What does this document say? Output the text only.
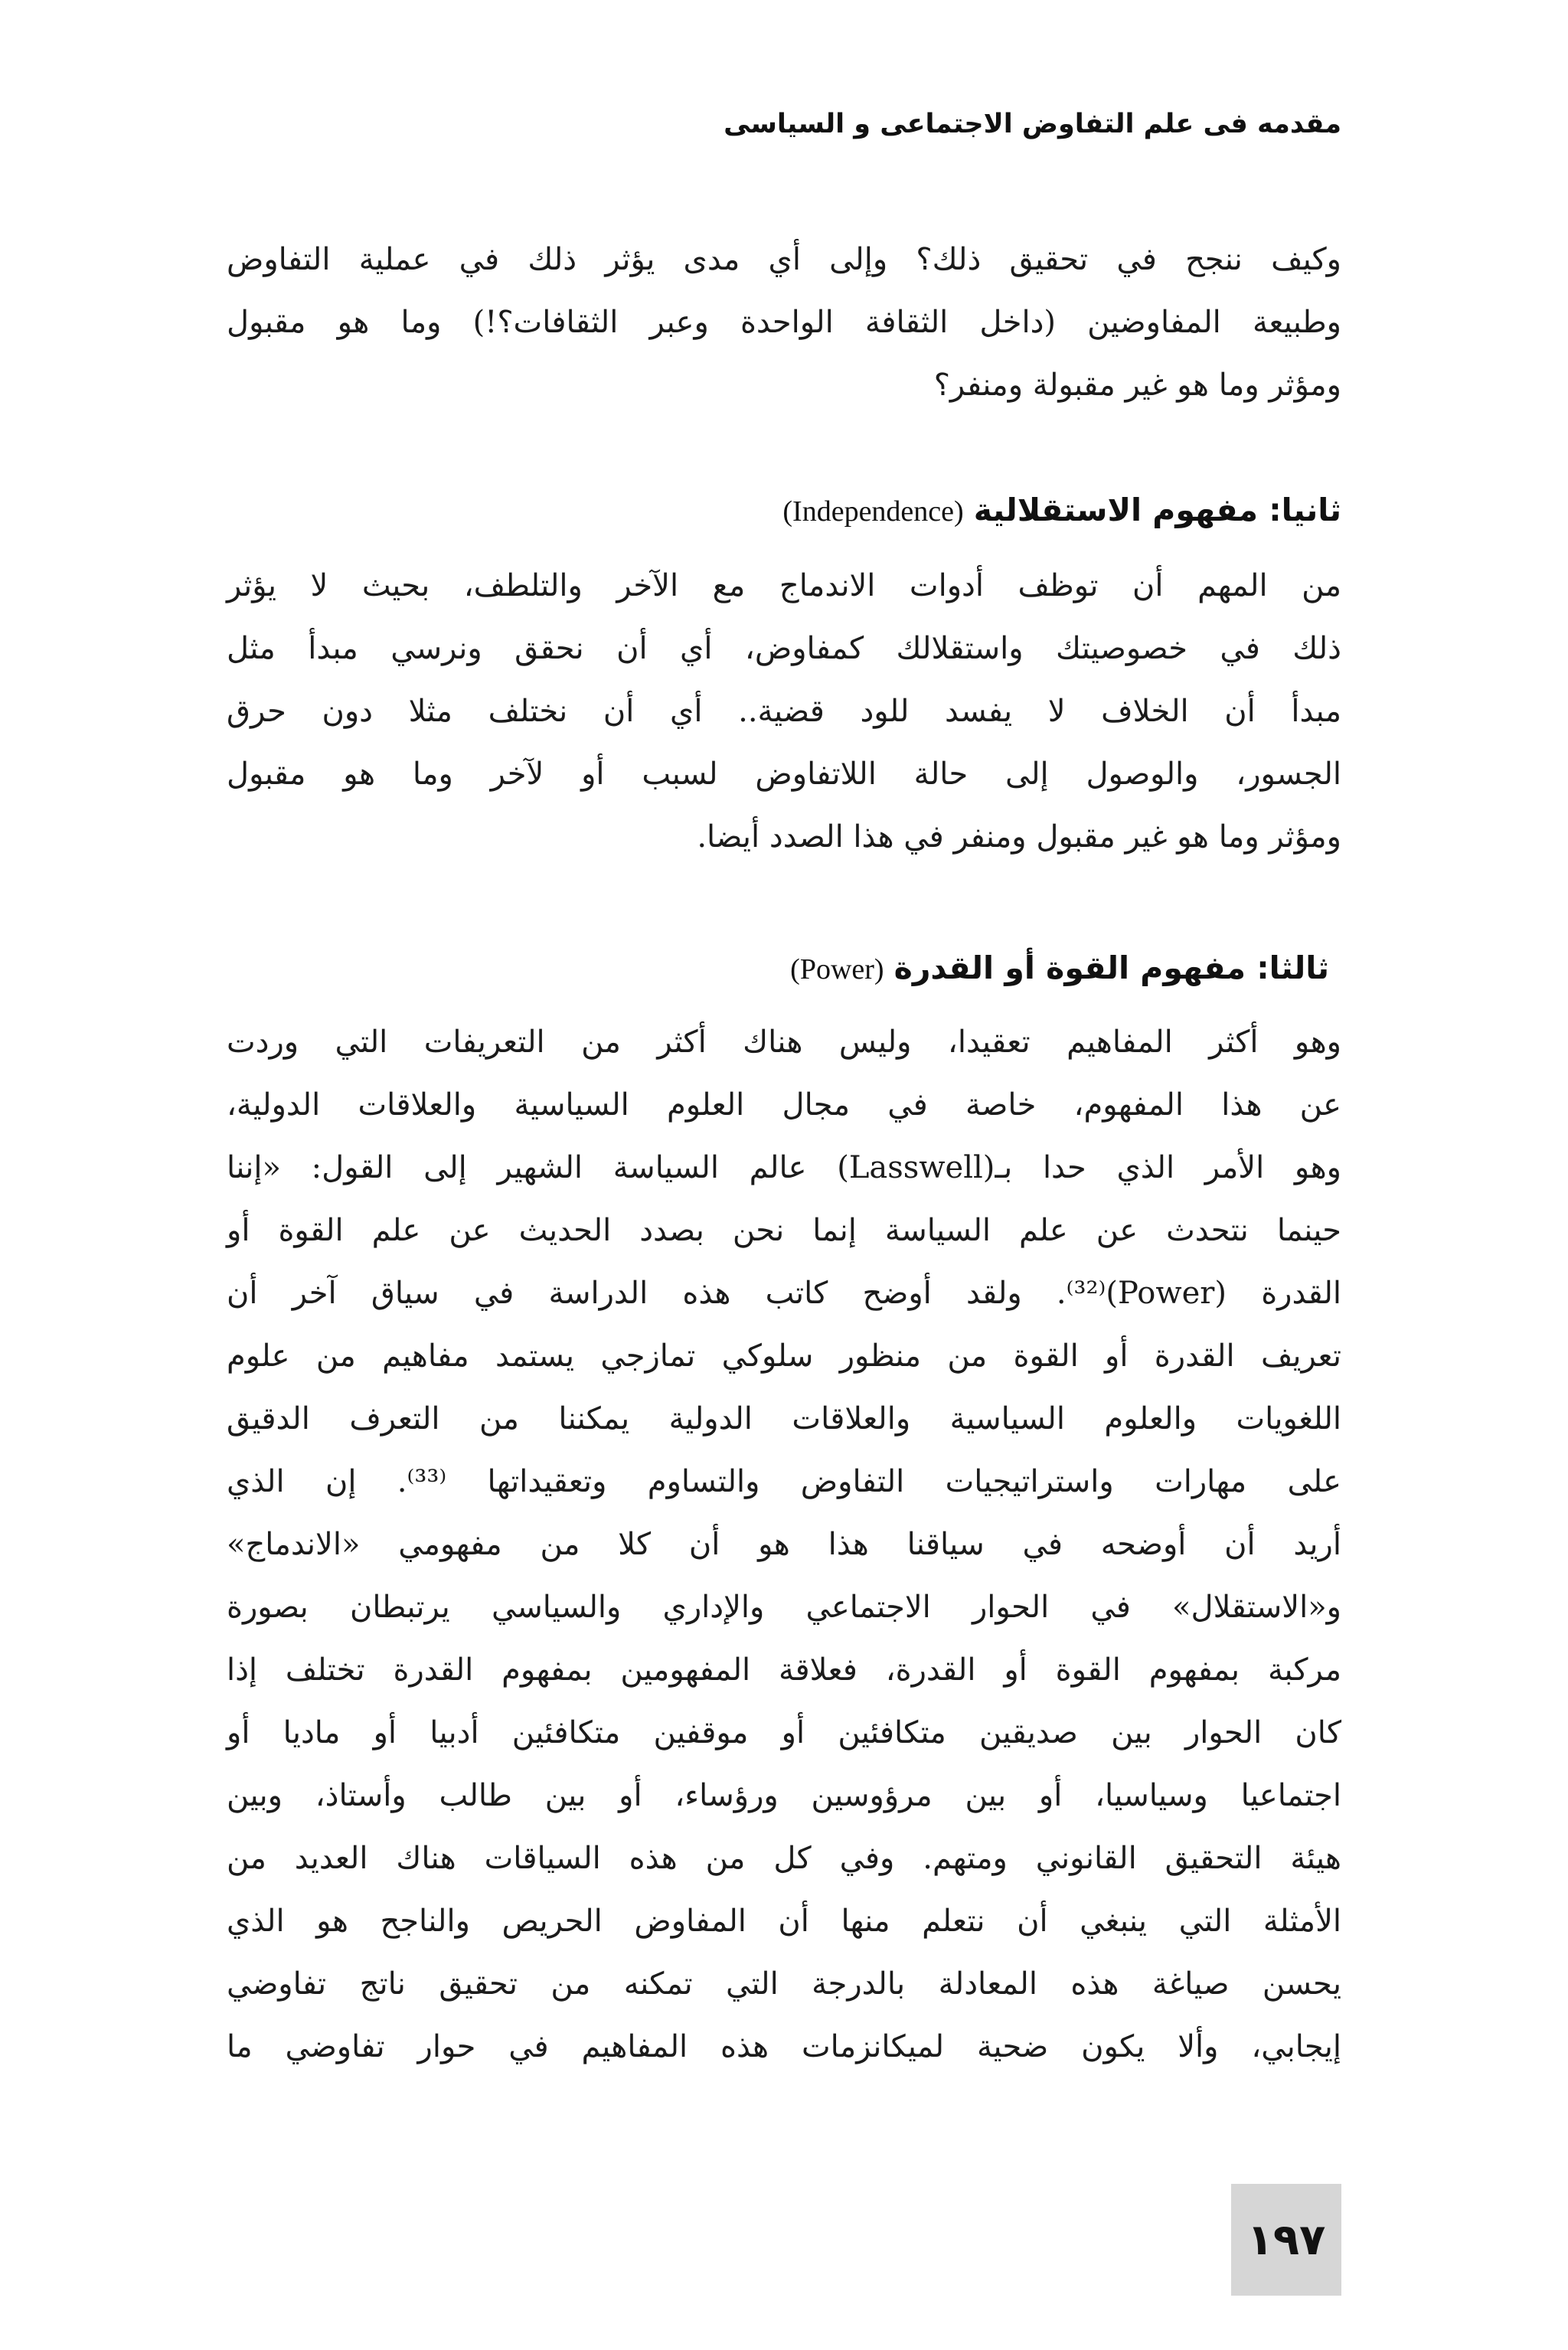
مقدمه فى علم التفاوض الاجتماعى و السياسى
وكيف ننجح في تحقيق ذلك؟ وإلى أي مدى يؤثر ذلك في عملية التفاوض
وطبيعة المفاوضين (داخل الثقافة الواحدة وعبر الثقافات؟!) وما هو مقبول
ومؤثر وما هو غير مقبولة ومنفر؟
ثانيا: مفهوم الاستقلالية (Independence)
من المهم أن توظف أدوات الاندماج مع الآخر والتلطف، بحيث لا يؤثر
ذلك في خصوصيتك واستقلالك كمفاوض، أي أن نحقق ونرسي مبدأ مثل
مبدأ أن الخلاف لا يفسد للود قضية.. أي أن نختلف مثلا دون حرق
الجسور، والوصول إلى حالة اللاتفاوض لسبب أو لآخر وما هو مقبول
ومؤثر وما هو غير مقبول ومنفر في هذا الصدد أيضا.
ثالثا: مفهوم القوة أو القدرة (Power)
وهو أكثر المفاهيم تعقيدا، وليس هناك أكثر من التعريفات التي وردت
عن هذا المفهوم، خاصة في مجال العلوم السياسية والعلاقات الدولية،
وهو الأمر الذي حدا بـ(Lasswell) عالم السياسة الشهير إلى القول: «إننا
حينما نتحدث عن علم السياسة إنما نحن بصدد الحديث عن علم القوة أو
القدرة (Power)⁽³²⁾. ولقد أوضح كاتب هذه الدراسة في سياق آخر أن
تعريف القدرة أو القوة من منظور سلوكي تمازجي يستمد مفاهيم من علوم
اللغويات والعلوم السياسية والعلاقات الدولية يمكننا من التعرف الدقيق
على مهارات واستراتيجيات التفاوض والتساوم وتعقيداتها ⁽³³⁾. إن الذي
أريد أن أوضحه في سياقنا هذا هو أن كلا من مفهومي «الاندماج»
و«الاستقلال» في الحوار الاجتماعي والإداري والسياسي يرتبطان بصورة
مركبة بمفهوم القوة أو القدرة، فعلاقة المفهومين بمفهوم القدرة تختلف إذا
كان الحوار بين صديقين متكافئين أو موقفين متكافئين أدبيا أو ماديا أو
اجتماعيا وسياسيا، أو بين مرؤوسين ورؤساء، أو بين طالب وأستاذ، وبين
هيئة التحقيق القانوني ومتهم. وفي كل من هذه السياقات هناك العديد من
الأمثلة التي ينبغي أن نتعلم منها أن المفاوض الحريص والناجح هو الذي
يحسن صياغة هذه المعادلة بالدرجة التي تمكنه من تحقيق ناتج تفاوضي
إيجابي، وألا يكون ضحية لميكانزمات هذه المفاهيم في حوار تفاوضي ما
١٩٧
